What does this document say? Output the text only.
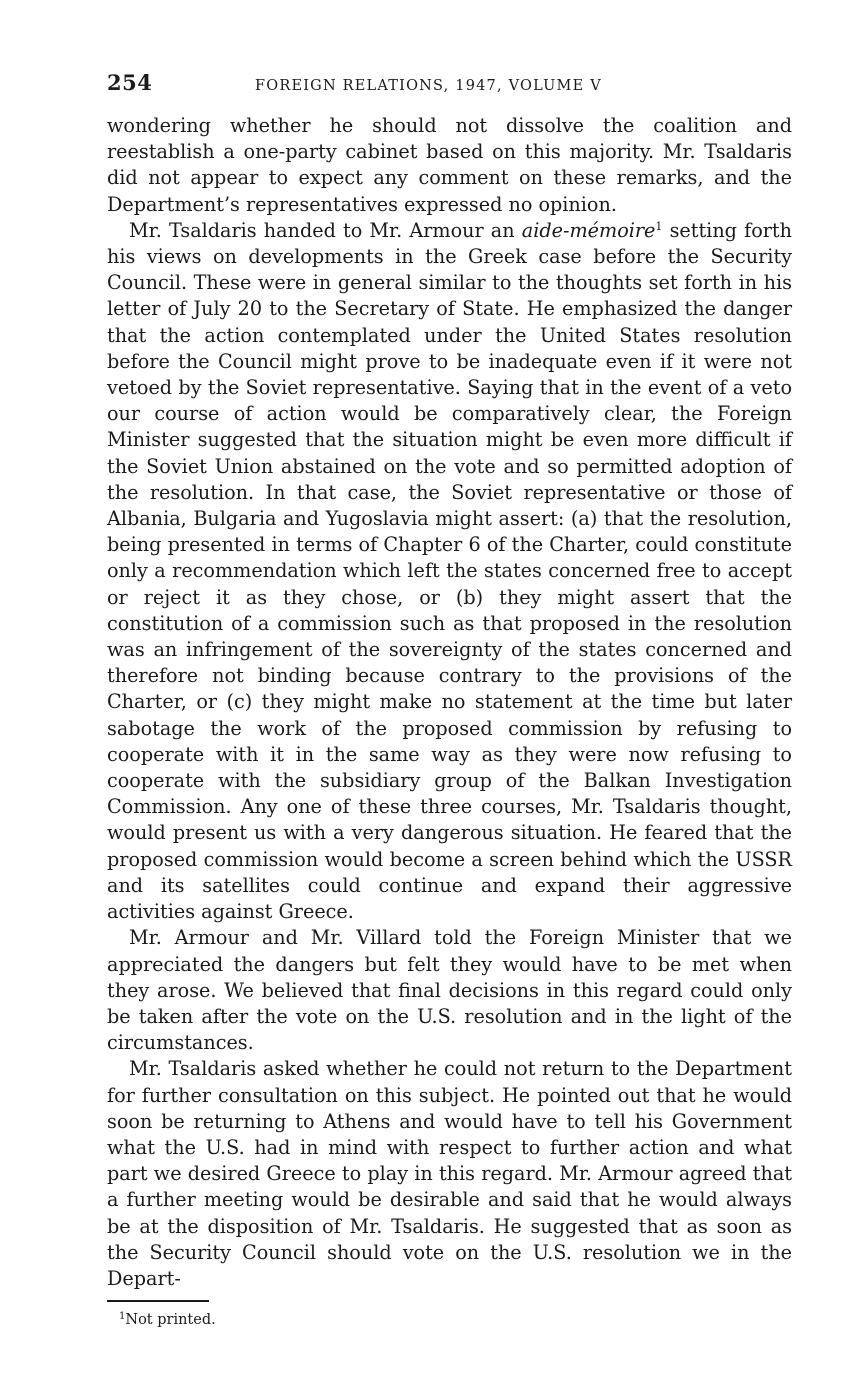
254	FOREIGN RELATIONS, 1947, VOLUME V

wondering whether he should not dissolve the coalition and reestablish a one-party cabinet based on this majority. Mr. Tsaldaris did not appear to expect any comment on these remarks, and the Department’s representatives expressed no opinion.

Mr. Tsaldaris handed to Mr. Armour an aide-mémoire$^1$ setting forth his views on developments in the Greek case before the Security Council. These were in general similar to the thoughts set forth in his letter of July 20 to the Secretary of State. He emphasized the danger that the action contemplated under the United States resolution before the Council might prove to be inadequate even if it were not vetoed by the Soviet representative. Saying that in the event of a veto our course of action would be comparatively clear, the Foreign Minister suggested that the situation might be even more difficult if the Soviet Union abstained on the vote and so permitted adoption of the resolution. In that case, the Soviet representative or those of Albania, Bulgaria and Yugoslavia might assert: (a) that the resolution, being presented in terms of Chapter 6 of the Charter, could constitute only a recommendation which left the states concerned free to accept or reject it as they chose, or (b) they might assert that the constitution of a commission such as that proposed in the resolution was an infringement of the sovereignty of the states concerned and therefore not binding because contrary to the provisions of the Charter, or (c) they might make no statement at the time but later sabotage the work of the proposed commission by refusing to cooperate with it in the same way as they were now refusing to cooperate with the subsidiary group of the Balkan Investigation Commission. Any one of these three courses, Mr. Tsaldaris thought, would present us with a very dangerous situation. He feared that the proposed commission would become a screen behind which the USSR and its satellites could continue and expand their aggressive activities against Greece.

Mr. Armour and Mr. Villard told the Foreign Minister that we appreciated the dangers but felt they would have to be met when they arose. We believed that final decisions in this regard could only be taken after the vote on the U.S. resolution and in the light of the circumstances.

Mr. Tsaldaris asked whether he could not return to the Department for further consultation on this subject. He pointed out that he would soon be returning to Athens and would have to tell his Government what the U.S. had in mind with respect to further action and what part we desired Greece to play in this regard. Mr. Armour agreed that a further meeting would be desirable and said that he would always be at the disposition of Mr. Tsaldaris. He suggested that as soon as the Security Council should vote on the U.S. resolution we in the Depart-

$^1$Not printed.
